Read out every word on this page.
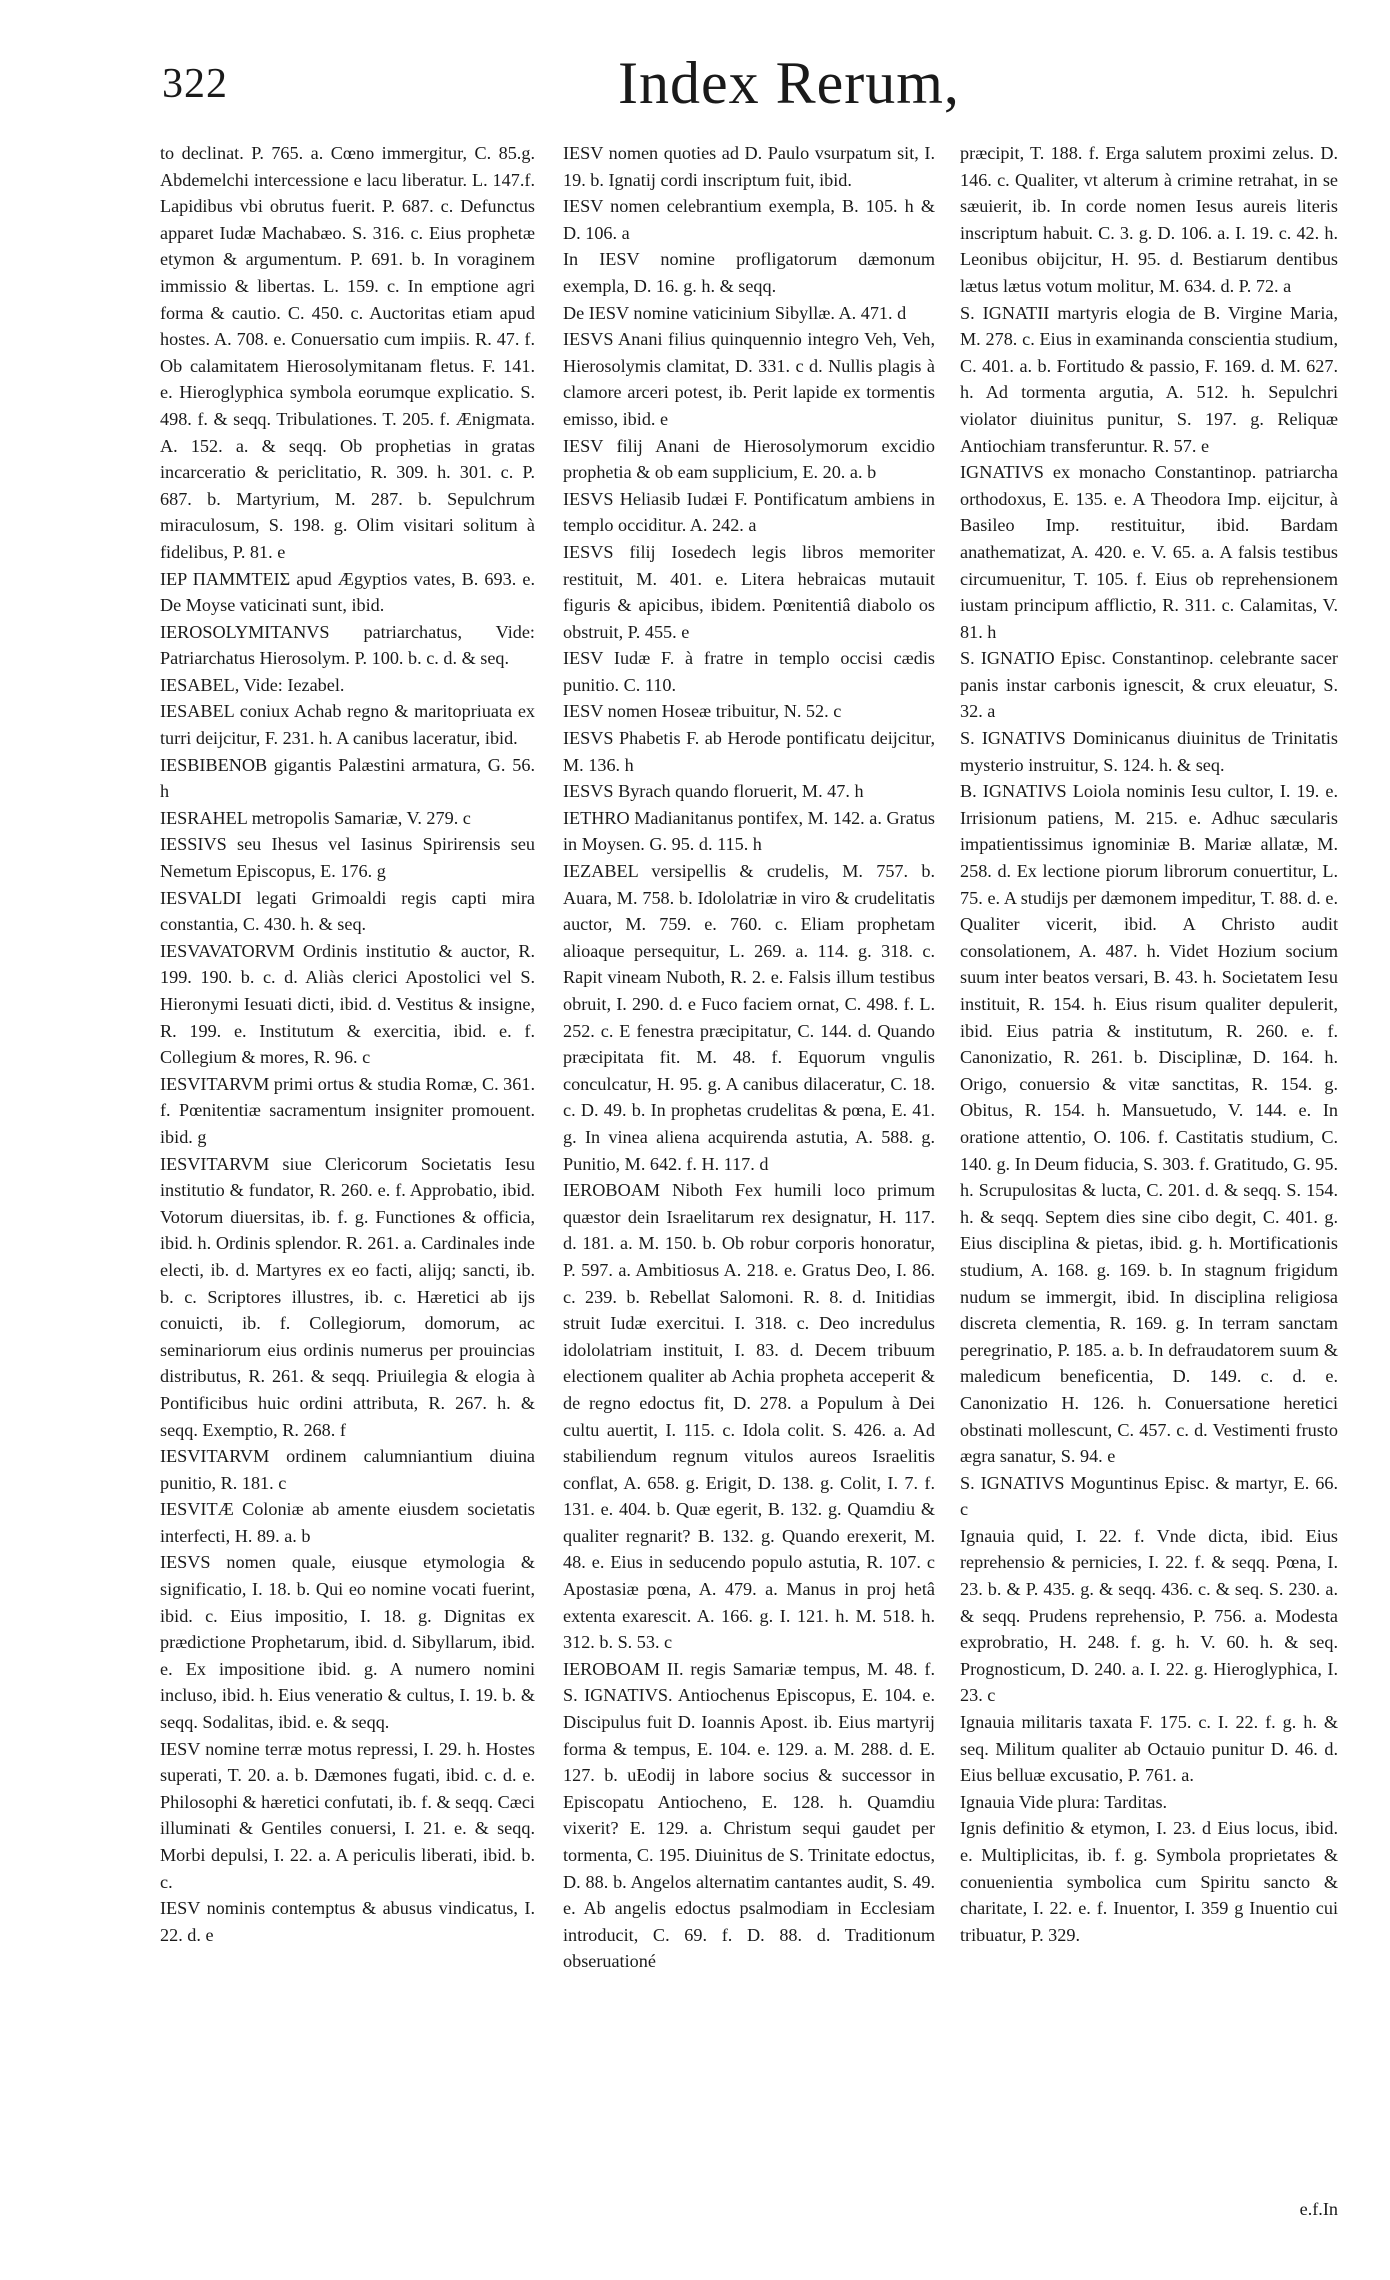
322	Index Rerum,

to declinat. P. 765. a. Cœno immergitur, C. 85.g. Abdemelchi intercessione e lacu liberatur. L. 147.f. Lapidibus vbi obrutus fuerit. P. 687. c. Defunctus apparet Iudæ Machabæo. S. 316. c. Eius prophetæ etymon & argumentum. P. 691. b. In voraginem immissio & libertas. L. 159. c. In emptione agri forma & cautio. C. 450. c. Auctoritas etiam apud hostes. A. 708. e. Conuersatio cum impiis. R. 47. f. Ob calamitatem Hierosolymitanam fletus. F. 141. e. Hieroglyphica symbola eorumque explicatio. S. 498. f. & seqq. Tribulationes. T. 205. f. Ænigmata. A. 152. a. & seqq. Ob prophetias in gratas incarceratio & periclitatio, R. 309. h. 301. c. P. 687. b. Martyrium, M. 287. b. Sepulchrum miraculosum, S. 198. g. Olim visitari solitum à fidelibus, P. 81. e

IEP ΠΑΜΜΤΕΙΣ apud Ægyptios vates, B. 693. e. De Moyse vaticinati sunt, ibid.

IEROSOLYMITANVS patriarchatus, Vide: Patriarchatus Hierosolym. P. 100. b. c. d. & seq.

IESABEL, Vide: Iezabel.

IESABEL coniux Achab regno & maritopriuata ex turri deijcitur, F. 231. h. A canibus laceratur, ibid.

IESBIBENOB gigantis Palæstini armatura, G. 56. h

IESRAHEL metropolis Samariæ, V. 279. c

IESSIVS seu Ihesus vel Iasinus Spirirensis seu Nemetum Episcopus, E. 176. g

IESVALDI legati Grimoaldi regis capti mira constantia, C. 430. h. & seq.

IESVAVATORVM Ordinis institutio & auctor, R. 199. 190. b. c. d. Aliàs clerici Apostolici vel S. Hieronymi Iesuati dicti, ibid. d. Vestitus & insigne, R. 199. e. Institutum & exercitia, ibid. e. f. Collegium & mores, R. 96. c

IESVITARVM primi ortus & studia Romæ, C. 361. f. Pœnitentiæ sacramentum insigniter promouent. ibid. g

IESVITARVM siue Clericorum Societatis Iesu institutio & fundator, R. 260. e. f. Approbatio, ibid. Votorum diuersitas, ib. f. g. Functiones & officia, ibid. h. Ordinis splendor. R. 261. a. Cardinales inde electi, ib. d. Martyres ex eo facti, alijq; sancti, ib. b. c. Scriptores illustres, ib. c. Hæretici ab ijs conuicti, ib. f. Collegiorum, domorum, ac seminariorum eius ordinis numerus per prouincias distributus, R. 261. & seqq. Priuilegia & elogia à Pontificibus huic ordini attributa, R. 267. h. & seqq. Exemptio, R. 268. f

IESVITARVM ordinem calumniantium diuina punitio, R. 181. c

IESVITÆ Coloniæ ab amente eiusdem societatis interfecti, H. 89. a. b

IESVS nomen quale, eiusque etymologia & significatio, I. 18. b. Qui eo nomine vocati fuerint, ibid. c. Eius impositio, I. 18. g. Dignitas ex prædictione Prophetarum, ibid. d. Sibyllarum, ibid. e. Ex impositione ibid. g. A numero nomini incluso, ibid. h. Eius veneratio & cultus, I. 19. b. & seqq. Sodalitas, ibid. e. & seqq.

IESV nomine terræ motus repressi, I. 29. h. Hostes superati, T. 20. a. b. Dæmones fugati, ibid. c. d. e. Philosophi & hæretici confutati, ib. f. & seqq. Cæci illuminati & Gentiles conuersi, I. 21. e. & seqq. Morbi depulsi, I. 22. a. A periculis liberati, ibid. b. c.

IESV nominis contemptus & abusus vindicatus, I. 22. d. e

IESV nomen quoties ad D. Paulo vsurpatum sit, I. 19. b. Ignatij cordi inscriptum fuit, ibid.

IESV nomen celebrantium exempla, B. 105. h & D. 106. a

In IESV nomine profligatorum dæmonum exempla, D. 16. g. h. & seqq.

De IESV nomine vaticinium Sibyllæ. A. 471. d

IESVS Anani filius quinquennio integro Veh, Veh, Hierosolymis clamitat, D. 331. c d. Nullis plagis à clamore arceri potest, ib. Perit lapide ex tormentis emisso, ibid. e

IESV filij Anani de Hierosolymorum excidio prophetia & ob eam supplicium, E. 20. a. b

IESVS Heliasib Iudæi F. Pontificatum ambiens in templo occiditur. A. 242. a

IESVS filij Iosedech legis libros memoriter restituit, M. 401. e. Litera hebraicas mutauit figuris & apicibus, ibidem. Pœnitentiâ diabolo os obstruit, P. 455. e

IESV Iudæ F. à fratre in templo occisi cædis punitio. C. 110.

IESV nomen Hoseæ tribuitur, N. 52. c

IESVS Phabetis F. ab Herode pontificatu deijcitur, M. 136. h

IESVS Byrach quando floruerit, M. 47. h

IETHRO Madianitanus pontifex, M. 142. a. Gratus in Moysen. G. 95. d. 115. h

IEZABEL versipellis & crudelis, M. 757. b. Auara, M. 758. b. Idololatriæ in viro & crudelitatis auctor, M. 759. e. 760. c. Eliam prophetam alioaque persequitur, L. 269. a. 114. g. 318. c. Rapit vineam Nuboth, R. 2. e. Falsis illum testibus obruit, I. 290. d. e Fuco faciem ornat, C. 498. f. L. 252. c. E fenestra præcipitatur, C. 144. d. Quando præcipitata fit. M. 48. f. Equorum vngulis conculcatur, H. 95. g. A canibus dilaceratur, C. 18. c. D. 49. b. In prophetas crudelitas & pœna, E. 41. g. In vinea aliena acquirenda astutia, A. 588. g. Punitio, M. 642. f. H. 117. d

IEROBOAM Niboth Fex humili loco primum quæstor dein Israelitarum rex designatur, H. 117. d. 181. a. M. 150. b. Ob robur corporis honoratur, P. 597. a. Ambitiosus A. 218. e. Gratus Deo, I. 86. c. 239. b. Rebellat Salomoni. R. 8. d. Initidias struit Iudæ exercitui. I. 318. c. Deo incredulus idololatriam instituit, I. 83. d. Decem tribuum electionem qualiter ab Achia propheta acceperit & de regno edoctus fit, D. 278. a Populum à Dei cultu auertit, I. 115. c. Idola colit. S. 426. a. Ad stabiliendum regnum vitulos aureos Israelitis conflat, A. 658. g. Erigit, D. 138. g. Colit, I. 7. f. 131. e. 404. b. Quæ egerit, B. 132. g. Quamdiu & qualiter regnarit? B. 132. g. Quando erexerit, M. 48. e. Eius in seducendo populo astutia, R. 107. c Apostasiæ pœna, A. 479. a. Manus in proj hetâ extenta exarescit. A. 166. g. I. 121. h. M. 518. h. 312. b. S. 53. c

IEROBOAM II. regis Samariæ tempus, M. 48. f. S. IGNATIVS. Antiochenus Episcopus, E. 104. e. Discipulus fuit D. Ioannis Apost. ib. Eius martyrij forma & tempus, E. 104. e. 129. a. M. 288. d. E. 127. b. uEodij in labore socius & successor in Episcopatu Antiocheno, E. 128. h. Quamdiu vixerit? E. 129. a. Christum sequi gaudet per tormenta, C. 195. Diuinitus de S. Trinitate edoctus, D. 88. b. Angelos alternatim cantantes audit, S. 49. e. Ab angelis edoctus psalmodiam in Ecclesiam introducit, C. 69. f. D. 88. d. Traditionum obseruationé

præcipit, T. 188. f. Erga salutem proximi zelus. D. 146. c. Qualiter, vt alterum à crimine retrahat, in se sæuierit, ib. In corde nomen Iesus aureis literis inscriptum habuit. C. 3. g. D. 106. a. I. 19. c. 42. h. Leonibus obijcitur, H. 95. d. Bestiarum dentibus lætus lætus votum molitur, M. 634. d. P. 72. a

S. IGNATII martyris elogia de B. Virgine Maria, M. 278. c. Eius in examinanda conscientia studium, C. 401. a. b. Fortitudo & passio, F. 169. d. M. 627. h. Ad tormenta argutia, A. 512. h. Sepulchri violator diuinitus punitur, S. 197. g. Reliquæ Antiochiam transferuntur. R. 57. e

IGNATIVS ex monacho Constantinop. patriarcha orthodoxus, E. 135. e. A Theodora Imp. eijcitur, à Basileo Imp. restituitur, ibid. Bardam anathematizat, A. 420. e. V. 65. a. A falsis testibus circumuenitur, T. 105. f. Eius ob reprehensionem iustam principum afflictio, R. 311. c. Calamitas, V. 81. h

S. IGNATIO Episc. Constantinop. celebrante sacer panis instar carbonis ignescit, & crux eleuatur, S. 32. a

S. IGNATIVS Dominicanus diuinitus de Trinitatis mysterio instruitur, S. 124. h. & seq.

B. IGNATIVS Loiola nominis Iesu cultor, I. 19. e. Irrisionum patiens, M. 215. e. Adhuc sæcularis impatientissimus ignominiæ B. Mariæ allatæ, M. 258. d. Ex lectione piorum librorum conuertitur, L. 75. e. A studijs per dæmonem impeditur, T. 88. d. e. Qualiter vicerit, ibid. A Christo audit consolationem, A. 487. h. Videt Hozium socium suum inter beatos versari, B. 43. h. Societatem Iesu instituit, R. 154. h. Eius risum qualiter depulerit, ibid. Eius patria & institutum, R. 260. e. f. Canonizatio, R. 261. b. Disciplinæ, D. 164. h. Origo, conuersio & vitæ sanctitas, R. 154. g. Obitus, R. 154. h. Mansuetudo, V. 144. e. In oratione attentio, O. 106. f. Castitatis studium, C. 140. g. In Deum fiducia, S. 303. f. Gratitudo, G. 95. h. Scrupulositas & lucta, C. 201. d. & seqq. S. 154. h. & seqq. Septem dies sine cibo degit, C. 401. g. Eius disciplina & pietas, ibid. g. h. Mortificationis studium, A. 168. g. 169. b. In stagnum frigidum nudum se immergit, ibid. In disciplina religiosa discreta clementia, R. 169. g. In terram sanctam peregrinatio, P. 185. a. b. In defraudatorem suum & maledicum beneficentia, D. 149. c. d. e. Canonizatio H. 126. h. Conuersatione heretici obstinati mollescunt, C. 457. c. d. Vestimenti frusto ægra sanatur, S. 94. e

S. IGNATIVS Moguntinus Episc. & martyr, E. 66. c

Ignauia quid, I. 22. f. Vnde dicta, ibid. Eius reprehensio & pernicies, I. 22. f. & seqq. Pœna, I. 23. b. & P. 435. g. & seqq. 436. c. & seq. S. 230. a. & seqq. Prudens reprehensio, P. 756. a. Modesta exprobratio, H. 248. f. g. h. V. 60. h. & seq. Prognosticum, D. 240. a. I. 22. g. Hieroglyphica, I. 23. c

Ignauia militaris taxata F. 175. c. I. 22. f. g. h. & seq. Militum qualiter ab Octauio punitur D. 46. d. Eius belluæ excusatio, P. 761. a.

Ignauia Vide plura: Tarditas.

Ignis definitio & etymon, I. 23. d Eius locus, ibid. e. Multiplicitas, ib. f. g. Symbola proprietates & conuenientia symbolica cum Spiritu sancto & charitate, I. 22. e. f. Inuentor, I. 359 g Inuentio cui tribuatur, P. 329.

e.f.In
